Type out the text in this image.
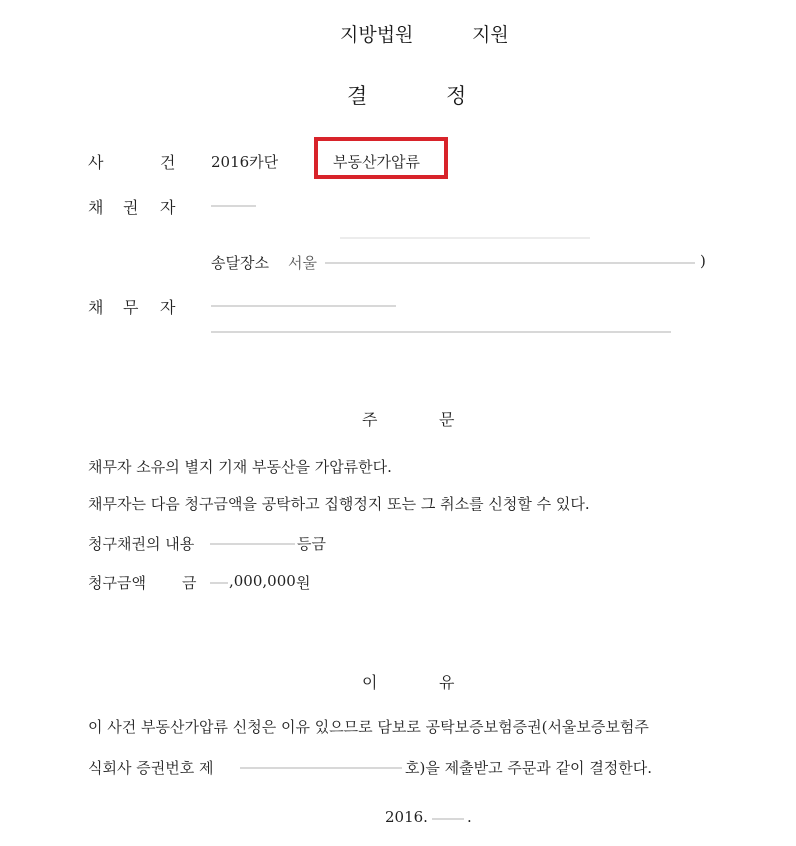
지방법원	지원
결	정
사	건 2016카단	부동산가압류
채 권 자
송달장소 서울	)
채 무 자
주	문
채무자 소유의 별지 기재 부동산을 가압류한다.
채무자는 다음 청구금액을 공탁하고 집행정지 또는 그 취소를 신청할 수 있다.
청구채권의 내용	등금
청구금액 금 ,000,000 원
이	유
이 사건 부동산가압류 신청은 이유 있으므로 담보로 공탁보증보험증권(서울보증보험주
식회사 증권번호 제	호)을 제출받고 주문과 같이 결정한다.
2016.	.
